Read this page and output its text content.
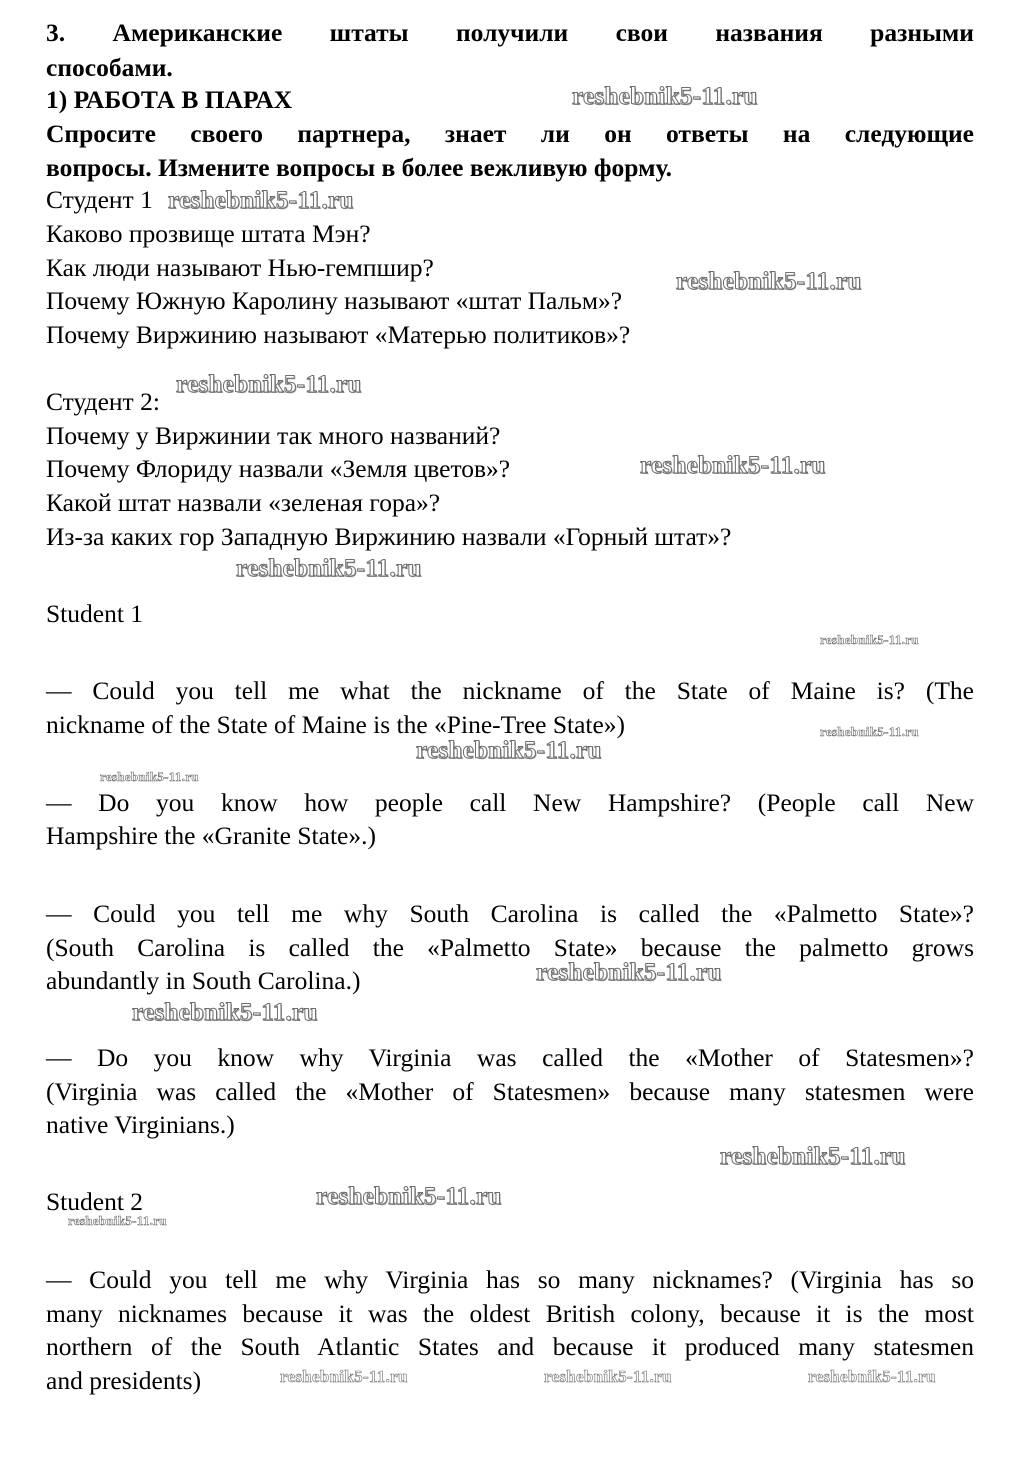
3. Американские штаты получили свои названия разными
способами.
1) РАБОТА В ПАРАХ
Спросите своего партнера, знает ли он ответы на следующие
вопросы. Измените вопросы в более вежливую форму.
Студент 1
Каково прозвище штата Мэн?
Как люди называют Нью-гемпшир?
Почему Южную Каролину называют «штат Пальм»?
Почему Виржинию называют «Матерью политиков»?
Студент 2:
Почему у Виржинии так много названий?
Почему Флориду назвали «Земля цветов»?
Какой штат назвали «зеленая гора»?
Из-за каких гор Западную Виржинию назвали «Горный штат»?
Student 1
— Could you tell me what the nickname of the State of Maine is? (The
nickname of the State of Maine is the «Pine-Tree State»)
— Do you know how people call New Hampshire? (People call New
Hampshire the «Granite State».)
— Could you tell me why South Carolina is called the «Palmetto State»?
(South Carolina is called the «Palmetto State» because the palmetto grows
abundantly in South Carolina.)
— Do you know why Virginia was called the «Mother of Statesmen»?
(Virginia was called the «Mother of Statesmen» because many statesmen were
native Virginians.)
Student 2
— Could you tell me why Virginia has so many nicknames? (Virginia has so
many nicknames because it was the oldest British colony, because it is the most
northern of the South Atlantic States and because it produced many statesmen
and presidents)
reshebnik5-11.ru
reshebnik5-11.ru
reshebnik5-11.ru
reshebnik5-11.ru
reshebnik5-11.ru
reshebnik5-11.ru
reshebnik5-11.ru
reshebnik5-11.ru
reshebnik5-11.ru
reshebnik5-11.ru
reshebnik5-11.ru
reshebnik5-11.ru
reshebnik5-11.ru
reshebnik5-11.ru
reshebnik5-11.ru
reshebnik5-11.ru	reshebnik5-11.ru	reshebnik5-11.ru
